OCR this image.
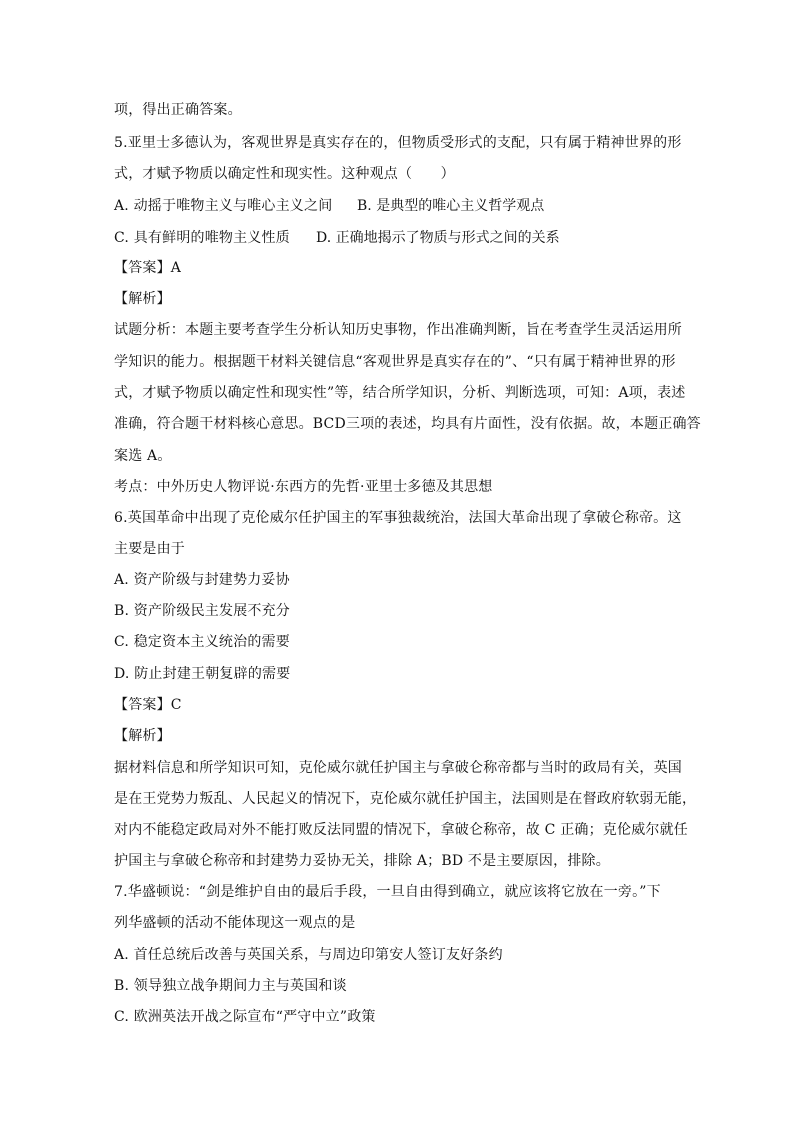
项，得出正确答案。
5.亚里士多德认为，客观世界是真实存在的，但物质受形式的支配，只有属于精神世界的形
式，才赋予物质以确定性和现实性。这种观点（　　）
A. 动摇于唯物主义与唯心主义之间 B. 是典型的唯心主义哲学观点
C. 具有鲜明的唯物主义性质 D. 正确地揭示了物质与形式之间的关系
【答案】A
【解析】
试题分析：本题主要考查学生分析认知历史事物，作出准确判断，旨在考查学生灵活运用所
学知识的能力。根据题干材料关键信息“客观世界是真实存在的”、“只有属于精神世界的形
式，才赋予物质以确定性和现实性”等，结合所学知识，分析、判断选项，可知：A项，表述
准确，符合题干材料核心意思。BCD三项的表述，均具有片面性，没有依据。故，本题正确答
案选 A。
考点：中外历史人物评说·东西方的先哲·亚里士多德及其思想
6.英国革命中出现了克伦威尔任护国主的军事独裁统治，法国大革命出现了拿破仑称帝。这
主要是由于
A. 资产阶级与封建势力妥协
B. 资产阶级民主发展不充分
C. 稳定资本主义统治的需要
D. 防止封建王朝复辟的需要
【答案】C
【解析】
据材料信息和所学知识可知，克伦威尔就任护国主与拿破仑称帝都与当时的政局有关，英国
是在王党势力叛乱、人民起义的情况下，克伦威尔就任护国主，法国则是在督政府软弱无能，
对内不能稳定政局对外不能打败反法同盟的情况下，拿破仑称帝，故 C 正确；克伦威尔就任
护国主与拿破仑称帝和封建势力妥协无关，排除 A；BD 不是主要原因，排除。
7.华盛顿说：“剑是维护自由的最后手段，一旦自由得到确立，就应该将它放在一旁。”下
列华盛顿的活动不能体现这一观点的是
A. 首任总统后改善与英国关系，与周边印第安人签订友好条约
B. 领导独立战争期间力主与英国和谈
C. 欧洲英法开战之际宣布“严守中立”政策
